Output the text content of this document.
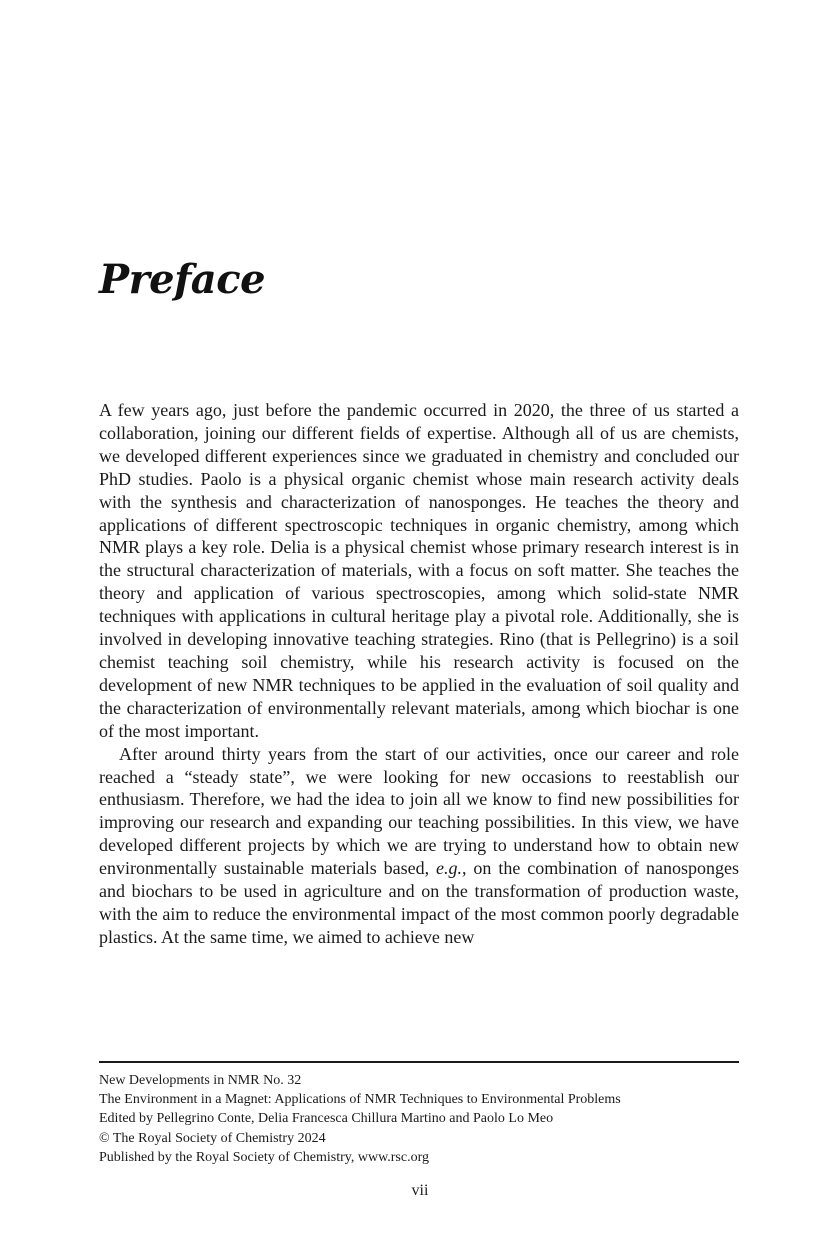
Preface

A few years ago, just before the pandemic occurred in 2020, the three of us started a collaboration, joining our different fields of expertise. Although all of us are chemists, we developed different experiences since we graduated in chemistry and concluded our PhD studies. Paolo is a physical organic chemist whose main research activity deals with the synthesis and characterization of nanosponges. He teaches the theory and applications of different spectroscopic techniques in organic chemistry, among which NMR plays a key role. Delia is a physical chemist whose primary research interest is in the structural characterization of materials, with a focus on soft matter. She teaches the theory and application of various spectroscopies, among which solid-state NMR techniques with applications in cultural heritage play a pivotal role. Additionally, she is involved in developing innovative teaching strategies. Rino (that is Pellegrino) is a soil chemist teaching soil chemistry, while his research activity is focused on the development of new NMR techniques to be applied in the evaluation of soil quality and the characterization of environmentally relevant materials, among which biochar is one of the most important.

After around thirty years from the start of our activities, once our career and role reached a “steady state”, we were looking for new occasions to reestablish our enthusiasm. Therefore, we had the idea to join all we know to find new possibilities for improving our research and expanding our teaching possibilities. In this view, we have developed different projects by which we are trying to understand how to obtain new environmentally sustainable materials based, e.g., on the combination of nanosponges and biochars to be used in agriculture and on the transformation of production waste, with the aim to reduce the environmental impact of the most common poorly degradable plastics. At the same time, we aimed to achieve new

New Developments in NMR No. 32
The Environment in a Magnet: Applications of NMR Techniques to Environmental Problems
Edited by Pellegrino Conte, Delia Francesca Chillura Martino and Paolo Lo Meo
© The Royal Society of Chemistry 2024
Published by the Royal Society of Chemistry, www.rsc.org
vii
